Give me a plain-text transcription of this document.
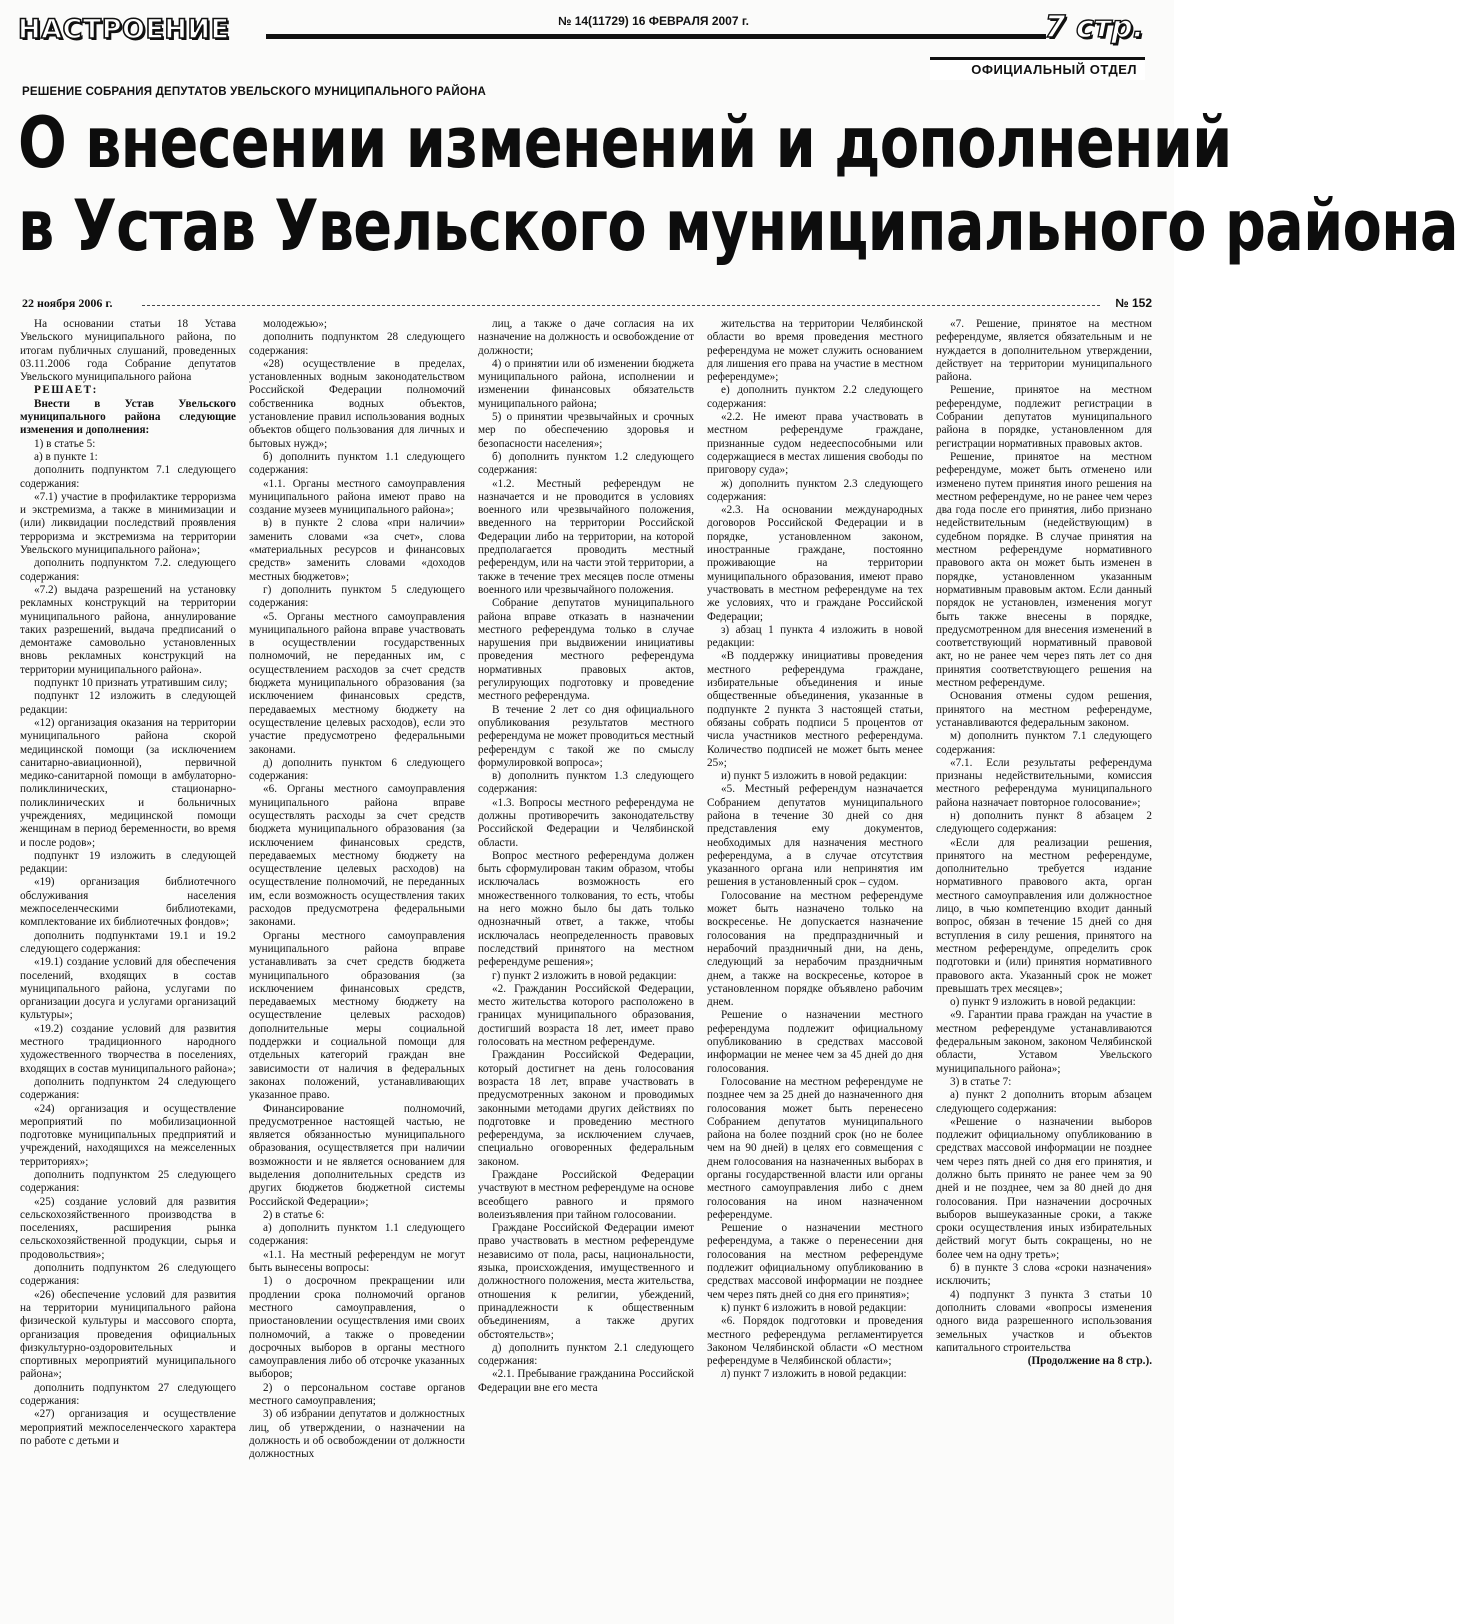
НАСТРОЕНИЕ	№ 14(11729) 16 ФЕВРАЛЯ 2007 г.	7 стр.
ОФИЦИАЛЬНЫЙ ОТДЕЛ
РЕШЕНИЕ СОБРАНИЯ ДЕПУТАТОВ УВЕЛЬСКОГО МУНИЦИПАЛЬНОГО РАЙОНА
О внесении изменений и дополнений
в Устав Увельского муниципального района
22 ноября 2006 г.	№ 152

На основании статьи 18 Устава Увельского муниципального района, по итогам публичных слушаний, проведенных 03.11.2006 года Собрание депутатов Увельского муниципального района

РЕШАЕТ:

Внести в Устав Увельского муниципального района следующие изменения и дополнения:

1) в статье 5:

а) в пункте 1:

дополнить подпунктом 7.1 следующего содержания:

«7.1) участие в профилактике терроризма и экстремизма, а также в минимизации и (или) ликвидации последствий проявления терроризма и экстремизма на территории Увельского муниципального района»;

дополнить подпунктом 7.2. следующего содержания:

«7.2) выдача разрешений на установку рекламных конструкций на территории муниципального района, аннулирование таких разрешений, выдача предписаний о демонтаже самовольно установленных вновь рекламных конструкций на территории муниципального района».

подпункт 10 признать утратившим силу;

подпункт 12 изложить в следующей редакции:

«12) организация оказания на территории муниципального района скорой медицинской помощи (за исключением санитарно-авиационной), первичной медико-санитарной помощи в амбулаторно-поликлинических, стационарно-поликлинических и больничных учреждениях, медицинской помощи женщинам в период беременности, во время и после родов»;

подпункт 19 изложить в следующей редакции:

«19) организация библиотечного обслуживания населения межпоселенческими библиотеками, комплектование их библиотечных фондов»;

дополнить подпунктами 19.1 и 19.2 следующего содержания:

«19.1) создание условий для обеспечения поселений, входящих в состав муниципального района, услугами по организации досуга и услугами организаций культуры»;

«19.2) создание условий для развития местного традиционного народного художественного творчества в поселениях, входящих в состав муниципального района»;

дополнить подпунктом 24 следующего содержания:

«24) организация и осуществление мероприятий по мобилизационной подготовке муниципальных предприятий и учреждений, находящихся на межселенных территориях»;

дополнить подпунктом 25 следующего содержания:

«25) создание условий для развития сельскохозяйственного производства в поселениях, расширения рынка сельскохозяйственной продукции, сырья и продовольствия»;

дополнить подпунктом 26 следующего содержания:

«26) обеспечение условий для развития на территории муниципального района физической культуры и массового спорта, организация проведения официальных физкультурно-оздоровительных и спортивных мероприятий муниципального района»;

дополнить подпунктом 27 следующего содержания:

«27) организация и осуществление мероприятий межпоселенческого характера по работе с детьми и

молодежью»;

дополнить подпунктом 28 следующего содержания:

«28) осуществление в пределах, установленных водным законодательством Российской Федерации полномочий собственника водных объектов, установление правил использования водных объектов общего пользования для личных и бытовых нужд»;

б) дополнить пунктом 1.1 следующего содержания:

«1.1. Органы местного самоуправления муниципального района имеют право на создание музеев муниципального района»;

в) в пункте 2 слова «при наличии» заменить словами «за счет», слова «материальных ресурсов и финансовых средств» заменить словами «доходов местных бюджетов»;

г) дополнить пунктом 5 следующего содержания:

«5. Органы местного самоуправления муниципального района вправе участвовать в осуществлении государственных полномочий, не переданных им, с осуществлением расходов за счет средств бюджета муниципального образования (за исключением финансовых средств, передаваемых местному бюджету на осуществление целевых расходов), если это участие предусмотрено федеральными законами.

д) дополнить пунктом 6 следующего содержания:

«6. Органы местного самоуправления муниципального района вправе осуществлять расходы за счет средств бюджета муниципального образования (за исключением финансовых средств, передаваемых местному бюджету на осуществление целевых расходов) на осуществление полномочий, не переданных им, если возможность осуществления таких расходов предусмотрена федеральными законами.

Органы местного самоуправления муниципального района вправе устанавливать за счет средств бюджета муниципального образования (за исключением финансовых средств, передаваемых местному бюджету на осуществление целевых расходов) дополнительные меры социальной поддержки и социальной помощи для отдельных категорий граждан вне зависимости от наличия в федеральных законах положений, устанавливающих указанное право.

Финансирование полномочий, предусмотренное настоящей частью, не является обязанностью муниципального образования, осуществляется при наличии возможности и не является основанием для выделения дополнительных средств из других бюджетов бюджетной системы Российской Федерации»;

2) в статье 6:

а) дополнить пунктом 1.1 следующего содержания:

«1.1. На местный референдум не могут быть вынесены вопросы:

1) о досрочном прекращении или продлении срока полномочий органов местного самоуправления, о приостановлении осуществления ими своих полномочий, а также о проведении досрочных выборов в органы местного самоуправления либо об отсрочке указанных выборов;

2) о персональном составе органов местного самоуправления;

3) об избрании депутатов и должностных лиц, об утверждении, о назначении на должность и об освобождении от должности должностных

лиц, а также о даче согласия на их назначение на должность и освобождение от должности;

4) о принятии или об изменении бюджета муниципального района, исполнении и изменении финансовых обязательств муниципального района;

5) о принятии чрезвычайных и срочных мер по обеспечению здоровья и безопасности населения»;

б) дополнить пунктом 1.2 следующего содержания:

«1.2. Местный референдум не назначается и не проводится в условиях военного или чрезвычайного положения, введенного на территории Российской Федерации либо на территории, на которой предполагается проводить местный референдум, или на части этой территории, а также в течение трех месяцев после отмены военного или чрезвычайного положения.

Собрание депутатов муниципального района вправе отказать в назначении местного референдума только в случае нарушения при выдвижении инициативы проведения местного референдума нормативных правовых актов, регулирующих подготовку и проведение местного референдума.

В течение 2 лет со дня официального опубликования результатов местного референдума не может проводиться местный референдум с такой же по смыслу формулировкой вопроса»;

в) дополнить пунктом 1.3 следующего содержания:

«1.3. Вопросы местного референдума не должны противоречить законодательству Российской Федерации и Челябинской области.

Вопрос местного референдума должен быть сформулирован таким образом, чтобы исключалась возможность его множественного толкования, то есть, чтобы на него можно было бы дать только однозначный ответ, а также, чтобы исключалась неопределенность правовых последствий принятого на местном референдуме решения»;

г) пункт 2 изложить в новой редакции:

«2. Гражданин Российской Федерации, место жительства которого расположено в границах муниципального образования, достигший возраста 18 лет, имеет право голосовать на местном референдуме.

Гражданин Российской Федерации, который достигнет на день голосования возраста 18 лет, вправе участвовать в предусмотренных законом и проводимых законными методами других действиях по подготовке и проведению местного референдума, за исключением случаев, специально оговоренных федеральным законом.

Граждане Российской Федерации участвуют в местном референдуме на основе всеобщего равного и прямого волеизъявления при тайном голосовании.

Граждане Российской Федерации имеют право участвовать в местном референдуме независимо от пола, расы, национальности, языка, происхождения, имущественного и должностного положения, места жительства, отношения к религии, убеждений, принадлежности к общественным объединениям, а также других обстоятельств»;

д) дополнить пунктом 2.1 следующего содержания:

«2.1. Пребывание гражданина Российской Федерации вне его места

жительства на территории Челябинской области во время проведения местного референдума не может служить основанием для лишения его права на участие в местном референдуме»;

е) дополнить пунктом 2.2 следующего содержания:

«2.2. Не имеют права участвовать в местном референдуме граждане, признанные судом недееспособными или содержащиеся в местах лишения свободы по приговору суда»;

ж) дополнить пунктом 2.3 следующего содержания:

«2.3. На основании международных договоров Российской Федерации и в порядке, установленном законом, иностранные граждане, постоянно проживающие на территории муниципального образования, имеют право участвовать в местном референдуме на тех же условиях, что и граждане Российской Федерации;

з) абзац 1 пункта 4 изложить в новой редакции:

«В поддержку инициативы проведения местного референдума граждане, избирательные объединения и иные общественные объединения, указанные в подпункте 2 пункта 3 настоящей статьи, обязаны собрать подписи 5 процентов от числа участников местного референдума. Количество подписей не может быть менее 25»;

и) пункт 5 изложить в новой редакции:

«5. Местный референдум назначается Собранием депутатов муниципального района в течение 30 дней со дня представления ему документов, необходимых для назначения местного референдума, а в случае отсутствия указанного органа или непринятия им решения в установленный срок – судом.

Голосование на местном референдуме может быть назначено только на воскресенье. Не допускается назначение голосования на предпраздничный и нерабочий праздничный дни, на день, следующий за нерабочим праздничным днем, а также на воскресенье, которое в установленном порядке объявлено рабочим днем.

Решение о назначении местного референдума подлежит официальному опубликованию в средствах массовой информации не менее чем за 45 дней до дня голосования.

Голосование на местном референдуме не позднее чем за 25 дней до назначенного дня голосования может быть перенесено Собранием депутатов муниципального района на более поздний срок (но не более чем на 90 дней) в целях его совмещения с днем голосования на назначенных выборах в органы государственной власти или органы местного самоуправления либо с днем голосования на ином назначенном референдуме.

Решение о назначении местного референдума, а также о перенесении дня голосования на местном референдуме подлежит официальному опубликованию в средствах массовой информации не позднее чем через пять дней со дня его принятия»;

к) пункт 6 изложить в новой редакции:

«6. Порядок подготовки и проведения местного референдума регламентируется Законом Челябинской области «О местном референдуме в Челябинской области»;

л) пункт 7 изложить в новой редакции:

«7. Решение, принятое на местном референдуме, является обязательным и не нуждается в дополнительном утверждении, действует на территории муниципального района.

Решение, принятое на местном референдуме, подлежит регистрации в Собрании депутатов муниципального района в порядке, установленном для регистрации нормативных правовых актов.

Решение, принятое на местном референдуме, может быть отменено или изменено путем принятия иного решения на местном референдуме, но не ранее чем через два года после его принятия, либо признано недействительным (недействующим) в судебном порядке. В случае принятия на местном референдуме нормативного правового акта он может быть изменен в порядке, установленном указанным нормативным правовым актом. Если данный порядок не установлен, изменения могут быть также внесены в порядке, предусмотренном для внесения изменений в соответствующий нормативный правовой акт, но не ранее чем через пять лет со дня принятия соответствующего решения на местном референдуме.

Основания отмены судом решения, принятого на местном референдуме, устанавливаются федеральным законом.

м) дополнить пунктом 7.1 следующего содержания:

«7.1. Если результаты референдума признаны недействительными, комиссия местного референдума муниципального района назначает повторное голосование»;

н) дополнить пункт 8 абзацем 2 следующего содержания:

«Если для реализации решения, принятого на местном референдуме, дополнительно требуется издание нормативного правового акта, орган местного самоуправления или должностное лицо, в чью компетенцию входит данный вопрос, обязан в течение 15 дней со дня вступления в силу решения, принятого на местном референдуме, определить срок подготовки и (или) принятия нормативного правового акта. Указанный срок не может превышать трех месяцев»;

о) пункт 9 изложить в новой редакции:

«9. Гарантии права граждан на участие в местном референдуме устанавливаются федеральным законом, законом Челябинской области, Уставом Увельского муниципального района»;

3) в статье 7:

а) пункт 2 дополнить вторым абзацем следующего содержания:

«Решение о назначении выборов подлежит официальному опубликованию в средствах массовой информации не позднее чем через пять дней со дня его принятия, и должно быть принято не ранее чем за 90 дней и не позднее, чем за 80 дней до дня голосования. При назначении досрочных выборов вышеуказанные сроки, а также сроки осуществления иных избирательных действий могут быть сокращены, но не более чем на одну треть»;

б) в пункте 3 слова «сроки назначения» исключить;

4) подпункт 3 пункта 3 статьи 10 дополнить словами «вопросы изменения одного вида разрешенного использования земельных участков и объектов капитального строительства

(Продолжение на 8 стр.).
